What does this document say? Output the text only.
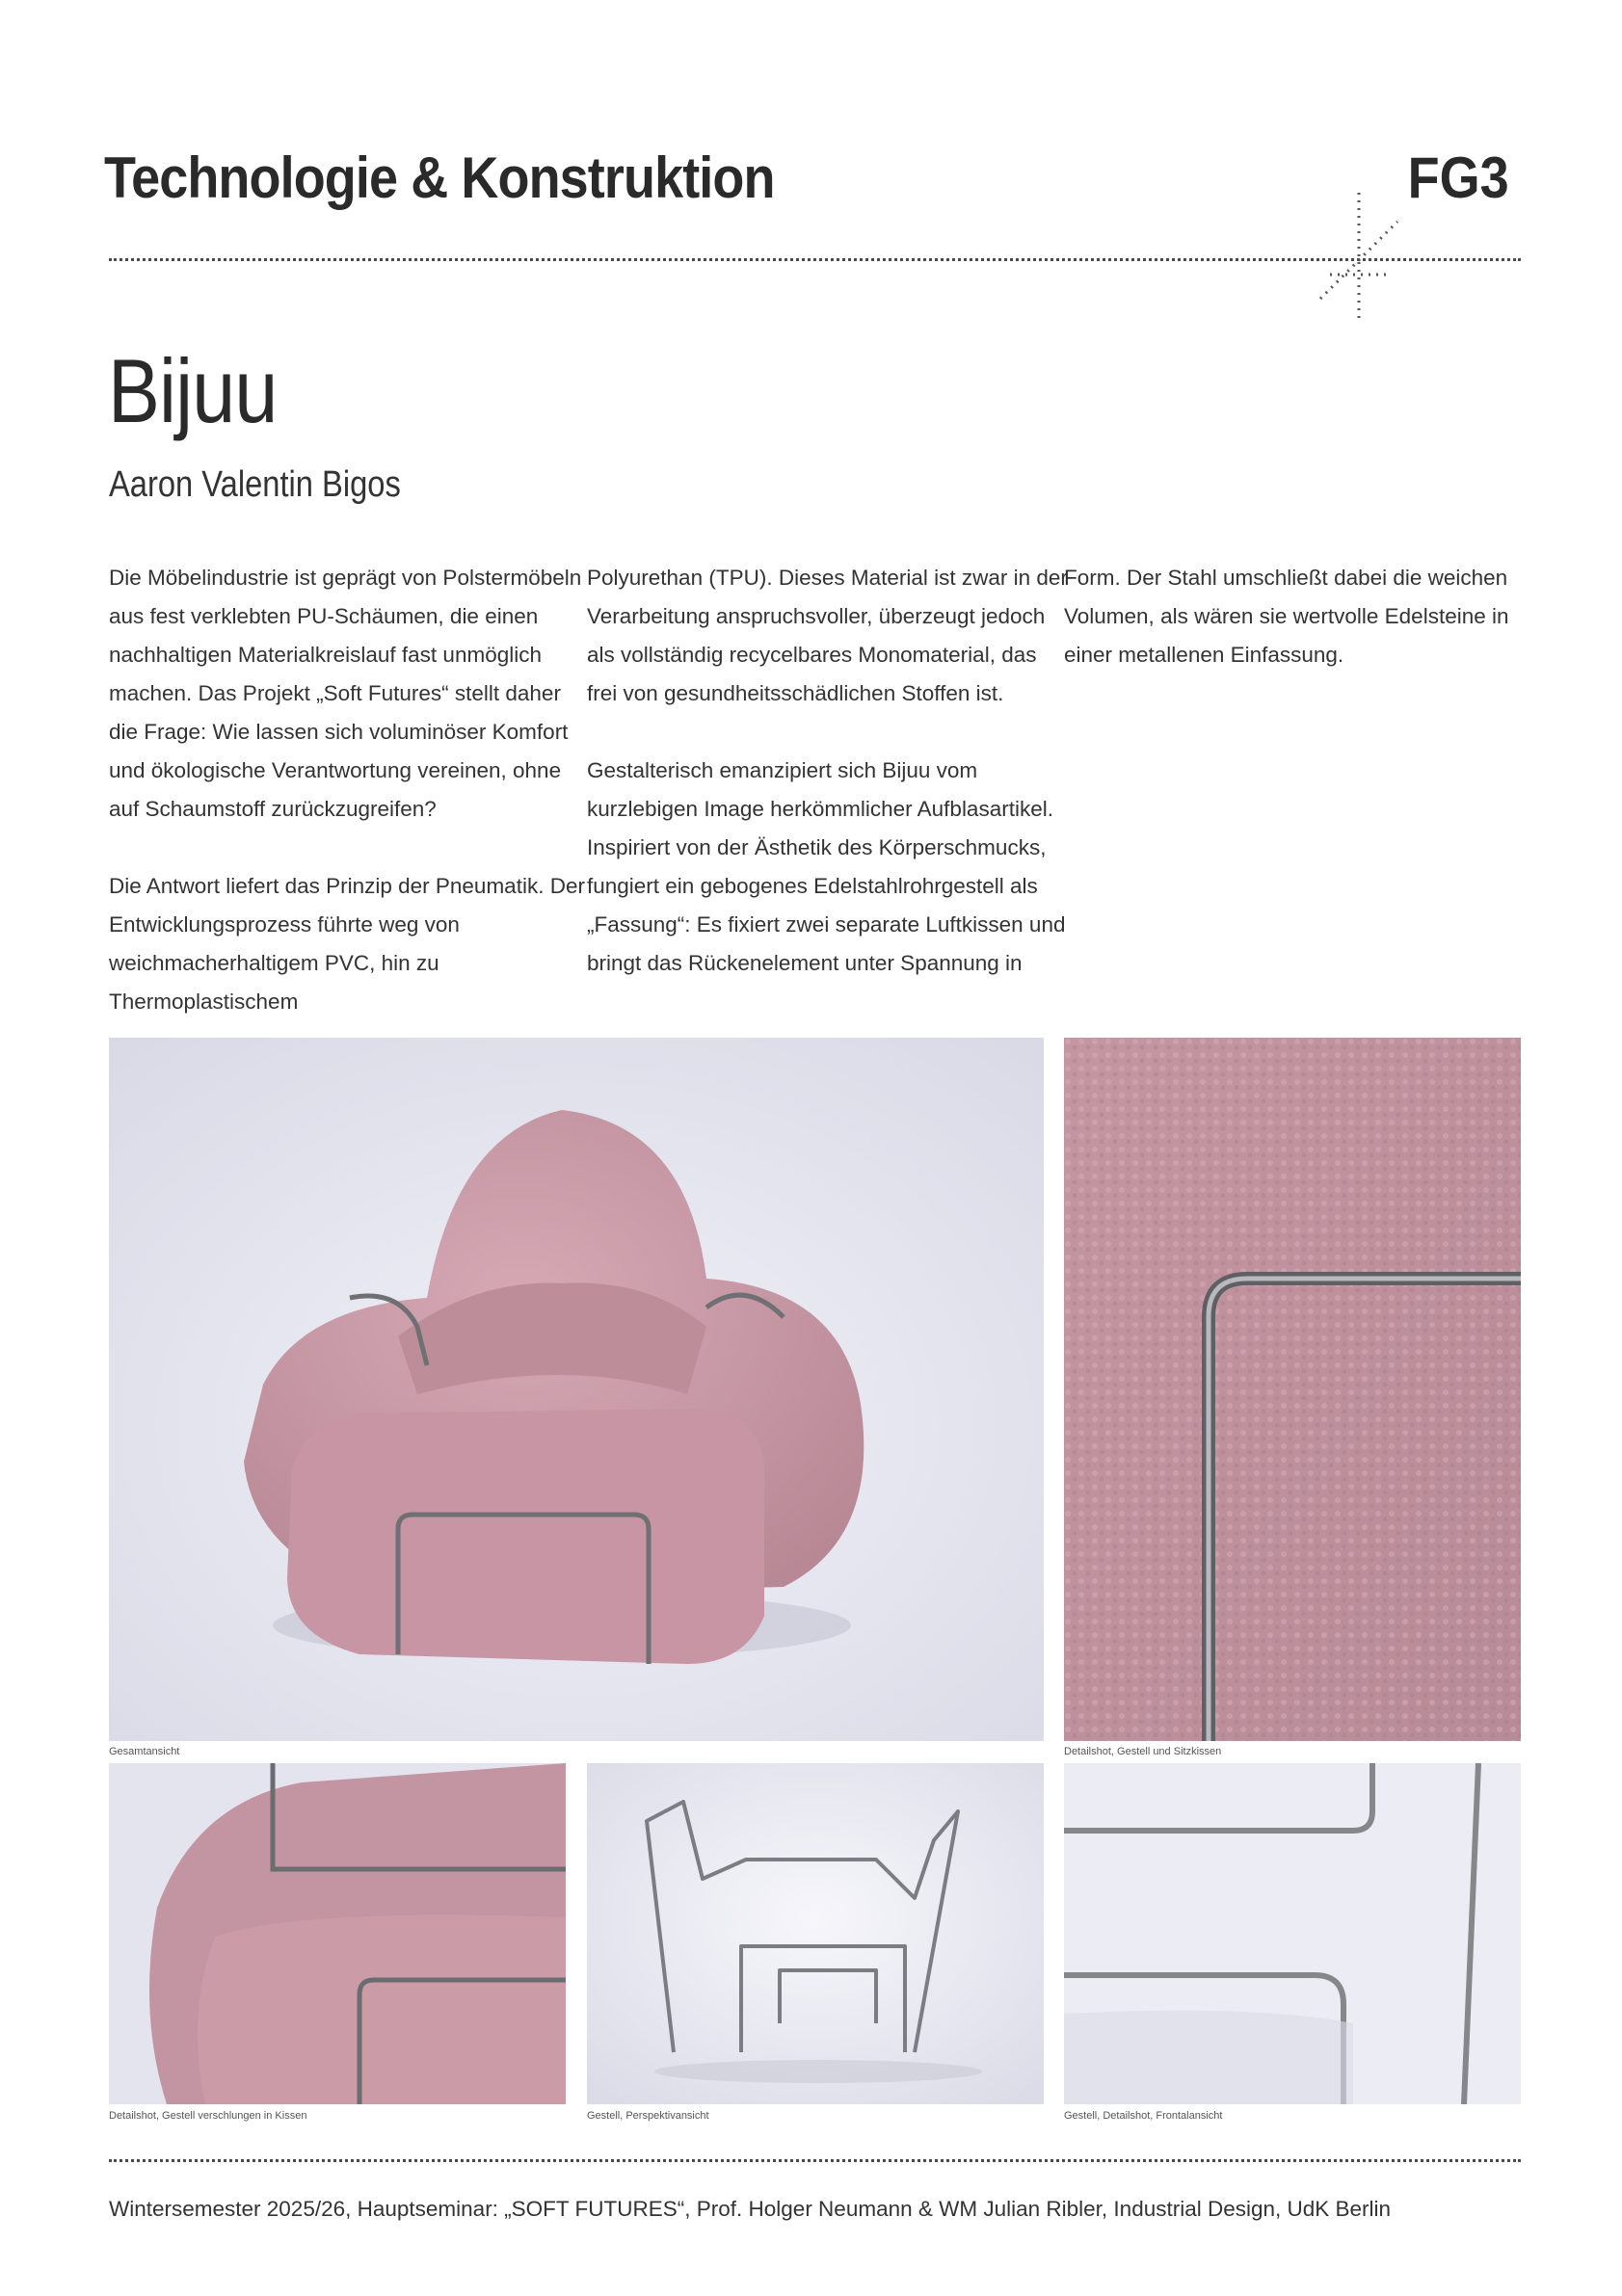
Technologie & Konstruktion	FG3
Bijuu
Aaron Valentin Bigos

Die Möbelindustrie ist geprägt von Polstermöbeln aus fest verklebten PU-Schäumen, die einen nachhaltigen Materialkreislauf fast unmöglich machen. Das Projekt „Soft Futures“ stellt daher die Frage: Wie lassen sich voluminöser Komfort und ökologische Verantwortung vereinen, ohne auf Schaumstoff zurückzugreifen?

Die Antwort liefert das Prinzip der Pneumatik. Der Entwicklungsprozess führte weg von weichmacherhaltigem PVC, hin zu Thermoplastischem

Polyurethan (TPU). Dieses Material ist zwar in der Verarbeitung anspruchsvoller, überzeugt jedoch als vollständig recycelbares Monomaterial, das frei von gesundheitsschädlichen Stoffen ist.

Gestalterisch emanzipiert sich Bijuu vom kurzlebigen Image herkömmlicher Aufblasartikel. Inspiriert von der Ästhetik des Körperschmucks, fungiert ein gebogenes Edelstahlrohrgestell als „Fassung“: Es fixiert zwei separate Luftkissen und bringt das Rückenelement unter Spannung in

Form. Der Stahl umschließt dabei die weichen Volumen, als wären sie wertvolle Edelsteine in einer metallenen Einfassung.

Gesamtansicht	Detailshot, Gestell und Sitzkissen
Detailshot, Gestell verschlungen in Kissen	Gestell, Perspektivansicht	Gestell, Detailshot, Frontalansicht
Wintersemester 2025/26, Hauptseminar: „SOFT FUTURES“, Prof. Holger Neumann & WM Julian Ribler, Industrial Design, UdK Berlin
